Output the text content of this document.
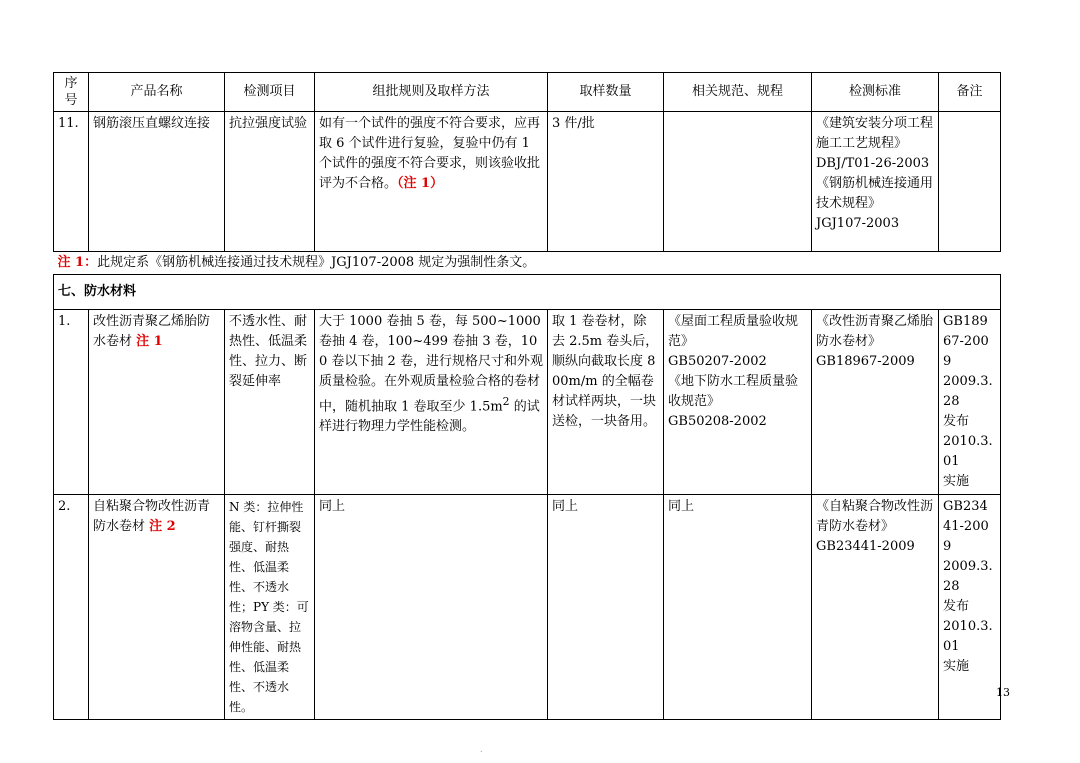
序
号	产品名称	检测项目	组批规则及取样方法	取样数量	相关规范、规程	检测标准	备注
11.	钢筋滚压直螺纹连接	抗拉强度试验	如有一个试件的强度不符合要求，应再取 6 个试件进行复验，复验中仍有 1 个试件的强度不符合要求，则该验收批评为不合格。（注 1）	3 件/批		《建筑安装分项工程施工工艺规程》
DBJ/T01-26-2003
《钢筋机械连接通用技术规程》
JGJ107-2003	

注 1：此规定系《钢筋机械连接通过技术规程》JGJ107-2008 规定为强制性条文。							
七、防水材料							
1.	改性沥青聚乙烯胎防水卷材 注 1	不透水性、耐热性、低温柔性、拉力、断裂延伸率	大于 1000 卷抽 5 卷，每 500~1000 卷抽 4 卷，100~499 卷抽 3 卷，100 卷以下抽 2 卷，进行规格尺寸和外观质量检验。在外观质量检验合格的卷材中，随机抽取 1 卷取至少 $1.5m^2$ 的试样进行物理力学性能检测。	取 1 卷卷材，除去 2.5m 卷头后，顺纵向截取长度 800m/m 的全幅卷材试样两块，一块送检，一块备用。	《屋面工程质量验收规范》
GB50207-2002
《地下防水工程质量验收规范》
GB50208-2002	《改性沥青聚乙烯胎防水卷材》
GB18967-2009	GB18967-2009
2009.3.28
发布
2010.3.01
实施

2.	自粘聚合物改性沥青防水卷材 注 2	N 类：拉伸性能、钉杆撕裂强度、耐热性、低温柔性、不透水性；PY 类：可溶物含量、拉伸性能、耐热性、低温柔性、不透水性。	同上	同上	同上	《自粘聚合物改性沥青防水卷材》
GB23441-2009	GB23441-2009
2009.3.28
发布
2010.3.01
实施
13
.
